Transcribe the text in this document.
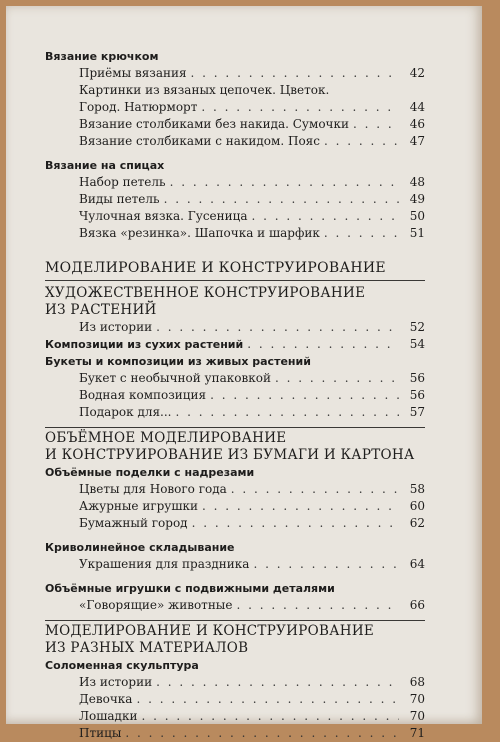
Вязание крючком
Приёмы вязания . . .	42
Картинки из вязаных цепочек. Цветок.
Город. Натюрморт . . .	44
Вязание столбиками без накида. Сумочки . . .	46
Вязание столбиками с накидом. Пояс . . .	47
Вязание на спицах
Набор петель . . .	48
Виды петель . . .	49
Чулочная вязка. Гусеница . . .	50
Вязка «резинка». Шапочка и шарфик . . .	51
МОДЕЛИРОВАНИЕ И КОНСТРУИРОВАНИЕ
ХУДОЖЕСТВЕННОЕ КОНСТРУИРОВАНИЕ
ИЗ РАСТЕНИЙ
Из истории . . .	52
Композиции из сухих растений . . .	54
Букеты и композиции из живых растений
Букет с необычной упаковкой . . .	56
Водная композиция . . .	56
Подарок для... . . .	57
ОБЪЁМНОЕ МОДЕЛИРОВАНИЕ
И КОНСТРУИРОВАНИЕ ИЗ БУМАГИ И КАРТОНА
Объёмные поделки с надрезами
Цветы для Нового года . . .	58
Ажурные игрушки . . .	60
Бумажный город . . .	62
Криволинейное складывание
Украшения для праздника . . .	64
Объёмные игрушки с подвижными деталями
«Говорящие» животные . . .	66
МОДЕЛИРОВАНИЕ И КОНСТРУИРОВАНИЕ
ИЗ РАЗНЫХ МАТЕРИАЛОВ
Соломенная скульптура
Из истории . . .	68
Девочка . . .	70
Лошадки . . .	70
Птицы . . .	71
